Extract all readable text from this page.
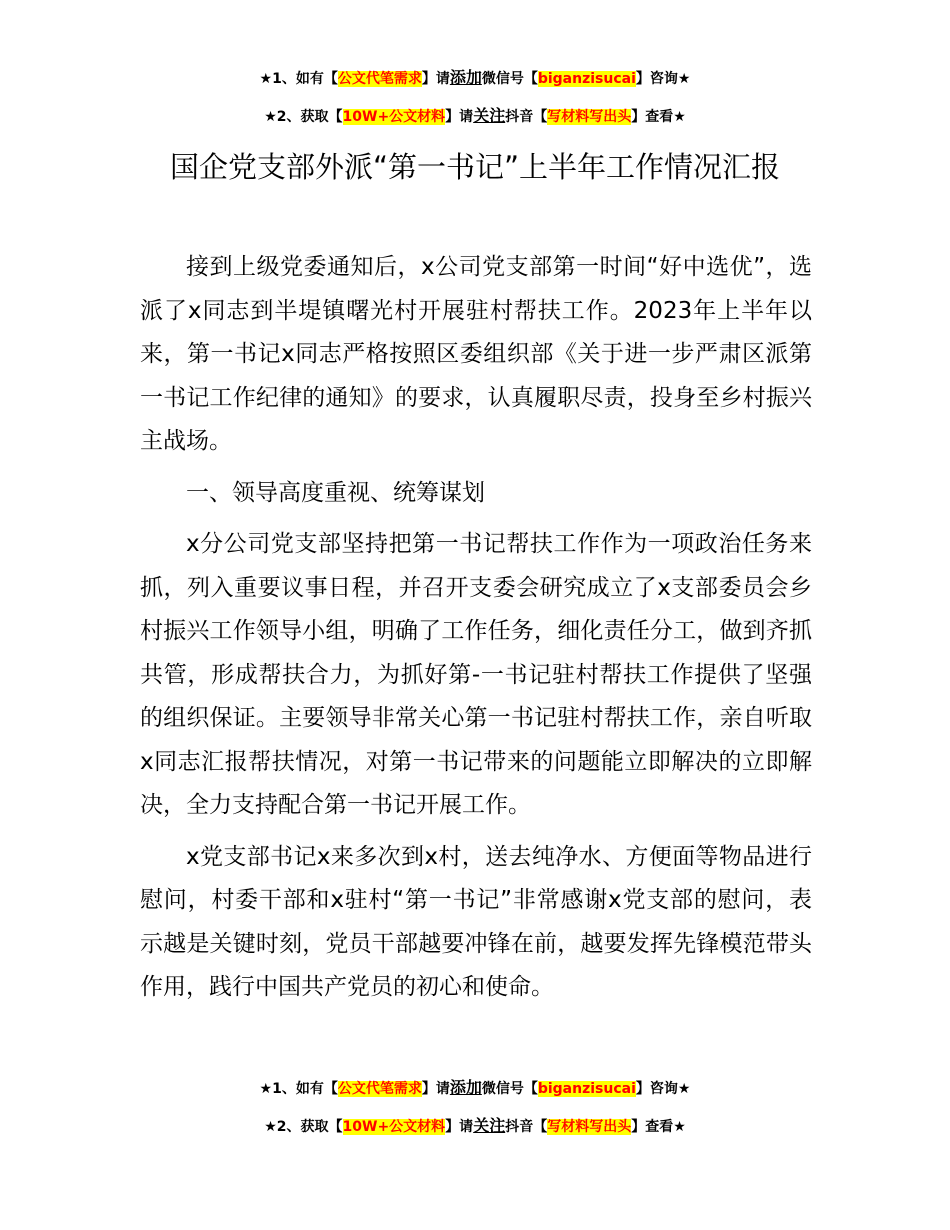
★1、如有【公文代笔需求】请添加微信号【biganzisucai】咨询★
★2、获取【10W+公文材料】请关注抖音【写材料写出头】查看★
国企党支部外派“第一书记”上半年工作情况汇报

接到上级党委通知后，x公司党支部第一时间“好中选优”，选派了x同志到半堤镇曙光村开展驻村帮扶工作。2023年上半年以来，第一书记x同志严格按照区委组织部《关于进一步严肃区派第一书记工作纪律的通知》的要求，认真履职尽责，投身至乡村振兴主战场。

一、领导高度重视、统筹谋划

x分公司党支部坚持把第一书记帮扶工作作为一项政治任务来抓，列入重要议事日程，并召开支委会研究成立了x支部委员会乡村振兴工作领导小组，明确了工作任务，细化责任分工，做到齐抓共管，形成帮扶合力，为抓好第-一书记驻村帮扶工作提供了坚强的组织保证。主要领导非常关心第一书记驻村帮扶工作，亲自听取x同志汇报帮扶情况，对第一书记带来的问题能立即解决的立即解决，全力支持配合第一书记开展工作。

x党支部书记x来多次到x村，送去纯净水、方便面等物品进行慰问，村委干部和x驻村“第一书记”非常感谢x党支部的慰问，表示越是关键时刻，党员干部越要冲锋在前，越要发挥先锋模范带头作用，践行中国共产党员的初心和使命。

★1、如有【公文代笔需求】请添加微信号【biganzisucai】咨询★
★2、获取【10W+公文材料】请关注抖音【写材料写出头】查看★
